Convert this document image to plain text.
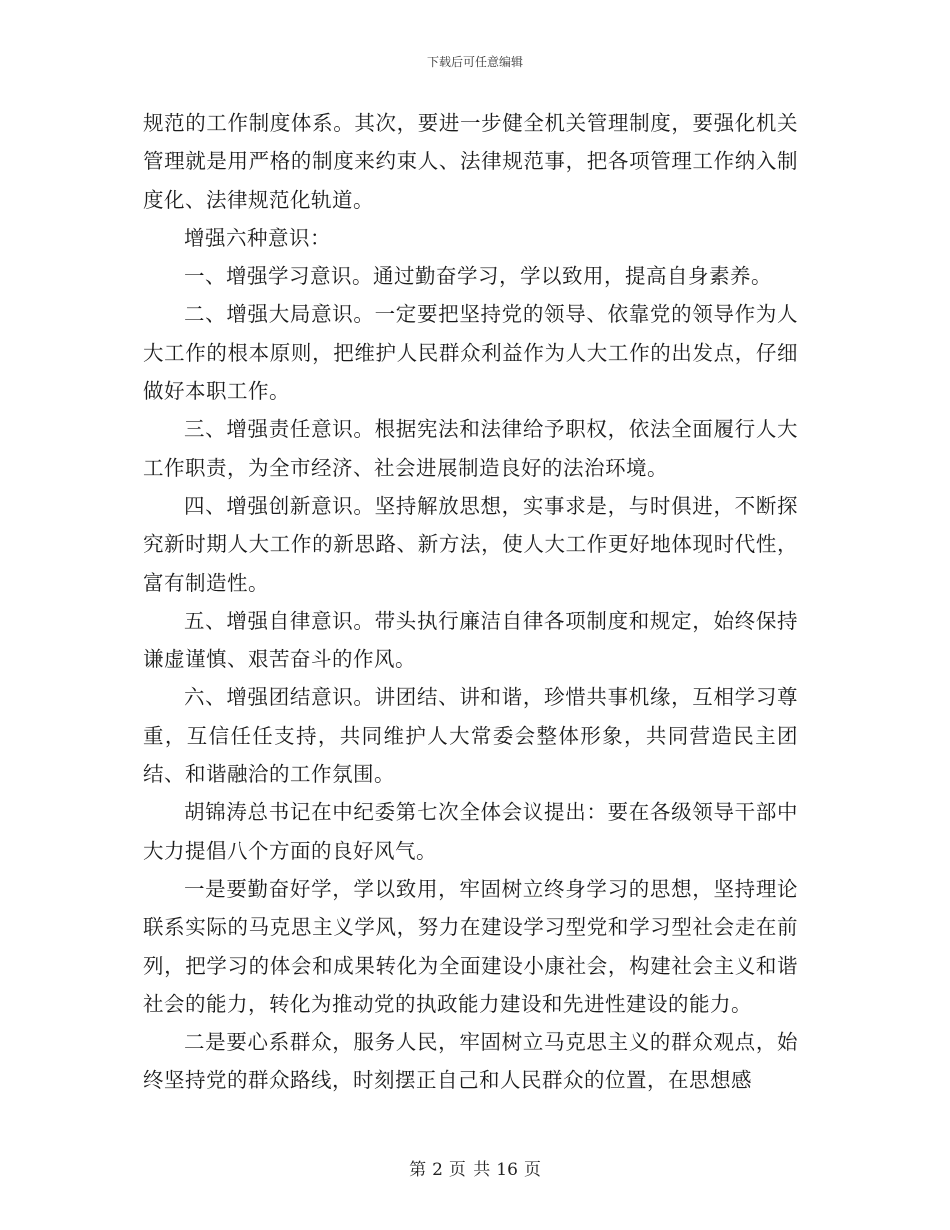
下载后可任意编辑

规范的工作制度体系。其次，要进一步健全机关管理制度，要强化机关管理就是用严格的制度来约束人、法律规范事，把各项管理工作纳入制度化、法律规范化轨道。

增强六种意识：

一、增强学习意识。通过勤奋学习，学以致用，提高自身素养。

二、增强大局意识。一定要把坚持党的领导、依靠党的领导作为人大工作的根本原则，把维护人民群众利益作为人大工作的出发点，仔细做好本职工作。

三、增强责任意识。根据宪法和法律给予职权，依法全面履行人大工作职责，为全市经济、社会进展制造良好的法治环境。

四、增强创新意识。坚持解放思想，实事求是，与时俱进，不断探究新时期人大工作的新思路、新方法，使人大工作更好地体现时代性，富有制造性。

五、增强自律意识。带头执行廉洁自律各项制度和规定，始终保持谦虚谨慎、艰苦奋斗的作风。

六、增强团结意识。讲团结、讲和谐，珍惜共事机缘，互相学习尊重，互信任任支持，共同维护人大常委会整体形象，共同营造民主团结、和谐融洽的工作氛围。

胡锦涛总书记在中纪委第七次全体会议提出：要在各级领导干部中大力提倡八个方面的良好风气。

一是要勤奋好学，学以致用，牢固树立终身学习的思想，坚持理论联系实际的马克思主义学风，努力在建设学习型党和学习型社会走在前列，把学习的体会和成果转化为全面建设小康社会，构建社会主义和谐社会的能力，转化为推动党的执政能力建设和先进性建设的能力。

二是要心系群众，服务人民，牢固树立马克思主义的群众观点，始终坚持党的群众路线，时刻摆正自己和人民群众的位置，在思想感

第 2 页 共 16 页
